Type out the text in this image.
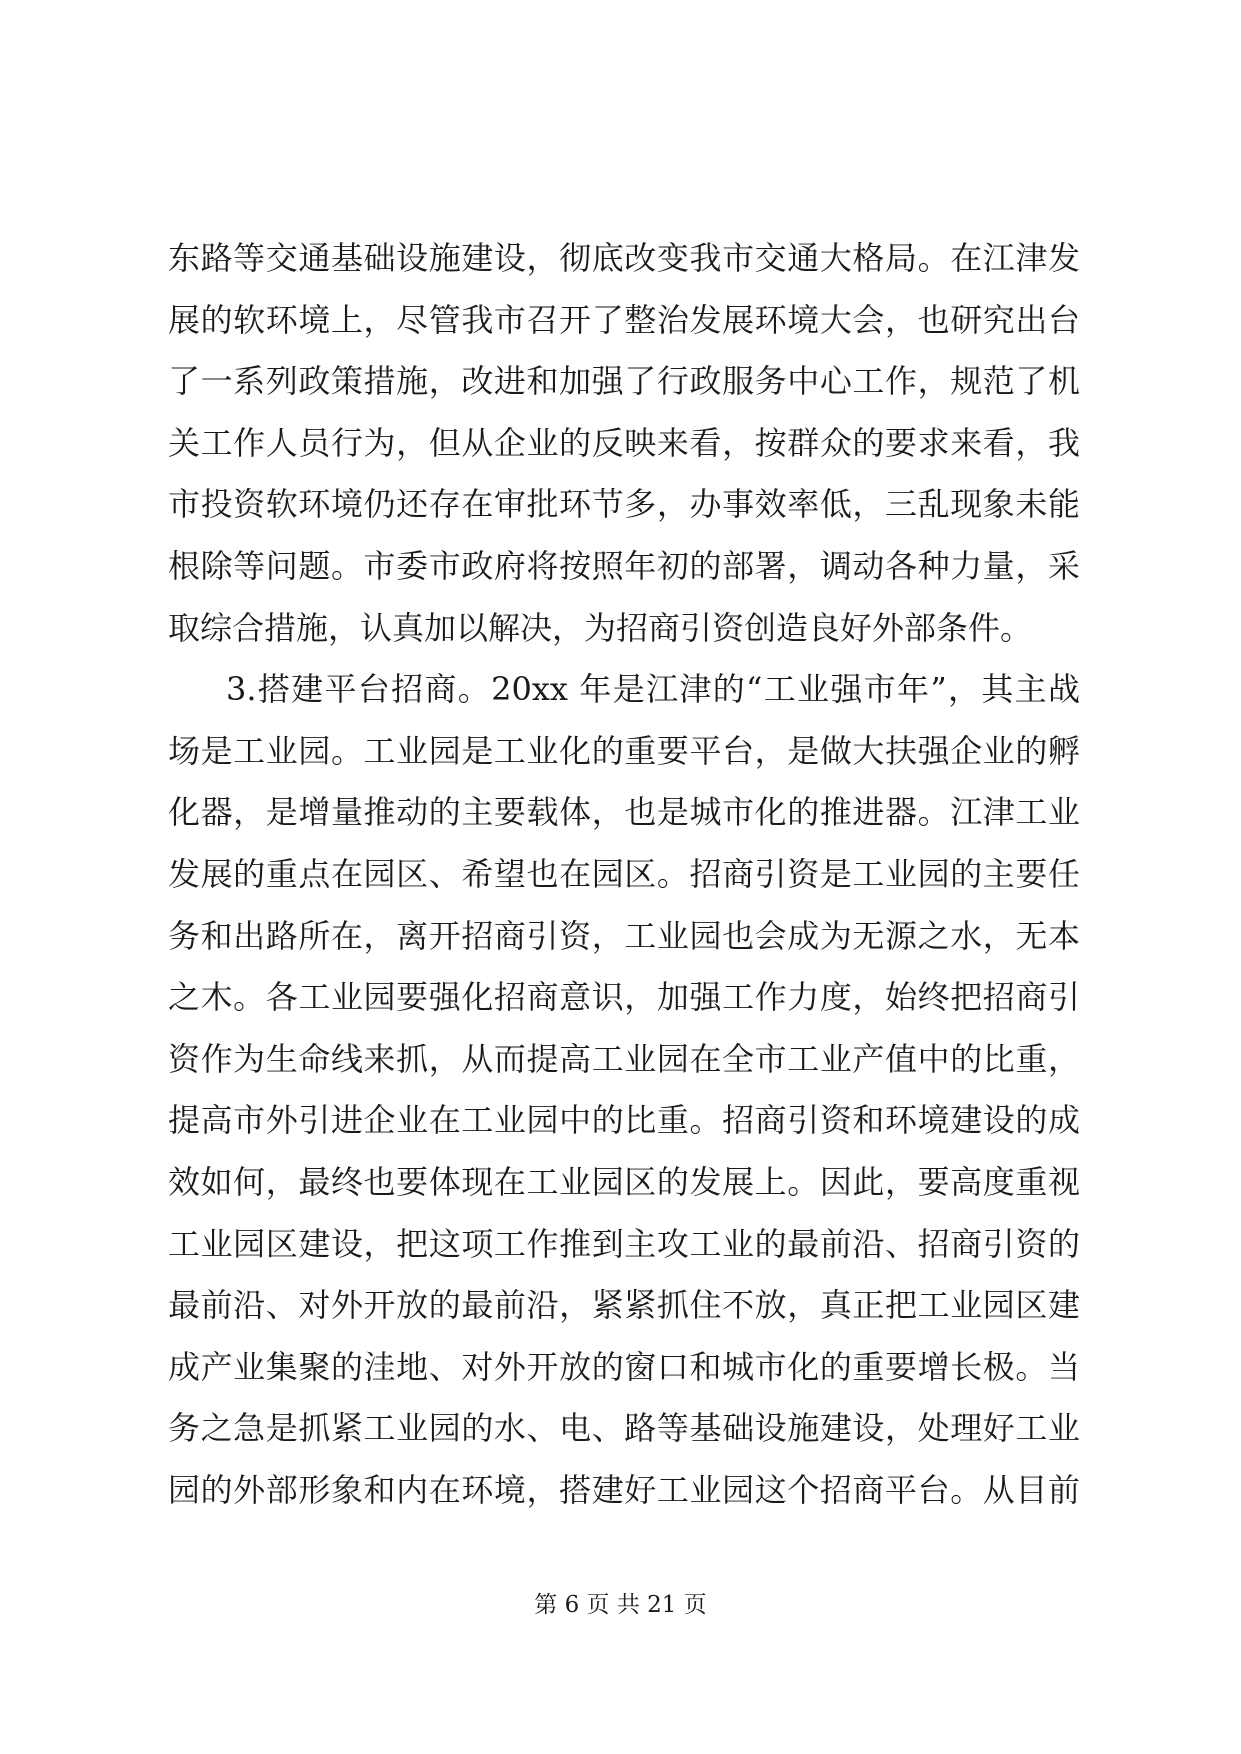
东路等交通基础设施建设，彻底改变我市交通大格局。在江津发
展的软环境上，尽管我市召开了整治发展环境大会，也研究出台
了一系列政策措施，改进和加强了行政服务中心工作，规范了机
关工作人员行为，但从企业的反映来看，按群众的要求来看，我
市投资软环境仍还存在审批环节多，办事效率低，三乱现象未能
根除等问题。市委市政府将按照年初的部署，调动各种力量，采
取综合措施，认真加以解决，为招商引资创造良好外部条件。
3.搭建平台招商。20xx 年是江津的“工业强市年”，其主战
场是工业园。工业园是工业化的重要平台，是做大扶强企业的孵
化器，是增量推动的主要载体，也是城市化的推进器。江津工业
发展的重点在园区、希望也在园区。招商引资是工业园的主要任
务和出路所在，离开招商引资，工业园也会成为无源之水，无本
之木。各工业园要强化招商意识，加强工作力度，始终把招商引
资作为生命线来抓，从而提高工业园在全市工业产值中的比重，
提高市外引进企业在工业园中的比重。招商引资和环境建设的成
效如何，最终也要体现在工业园区的发展上。因此，要高度重视
工业园区建设，把这项工作推到主攻工业的最前沿、招商引资的
最前沿、对外开放的最前沿，紧紧抓住不放，真正把工业园区建
成产业集聚的洼地、对外开放的窗口和城市化的重要增长极。当
务之急是抓紧工业园的水、电、路等基础设施建设，处理好工业
园的外部形象和内在环境，搭建好工业园这个招商平台。从目前
第 6 页 共 21 页
